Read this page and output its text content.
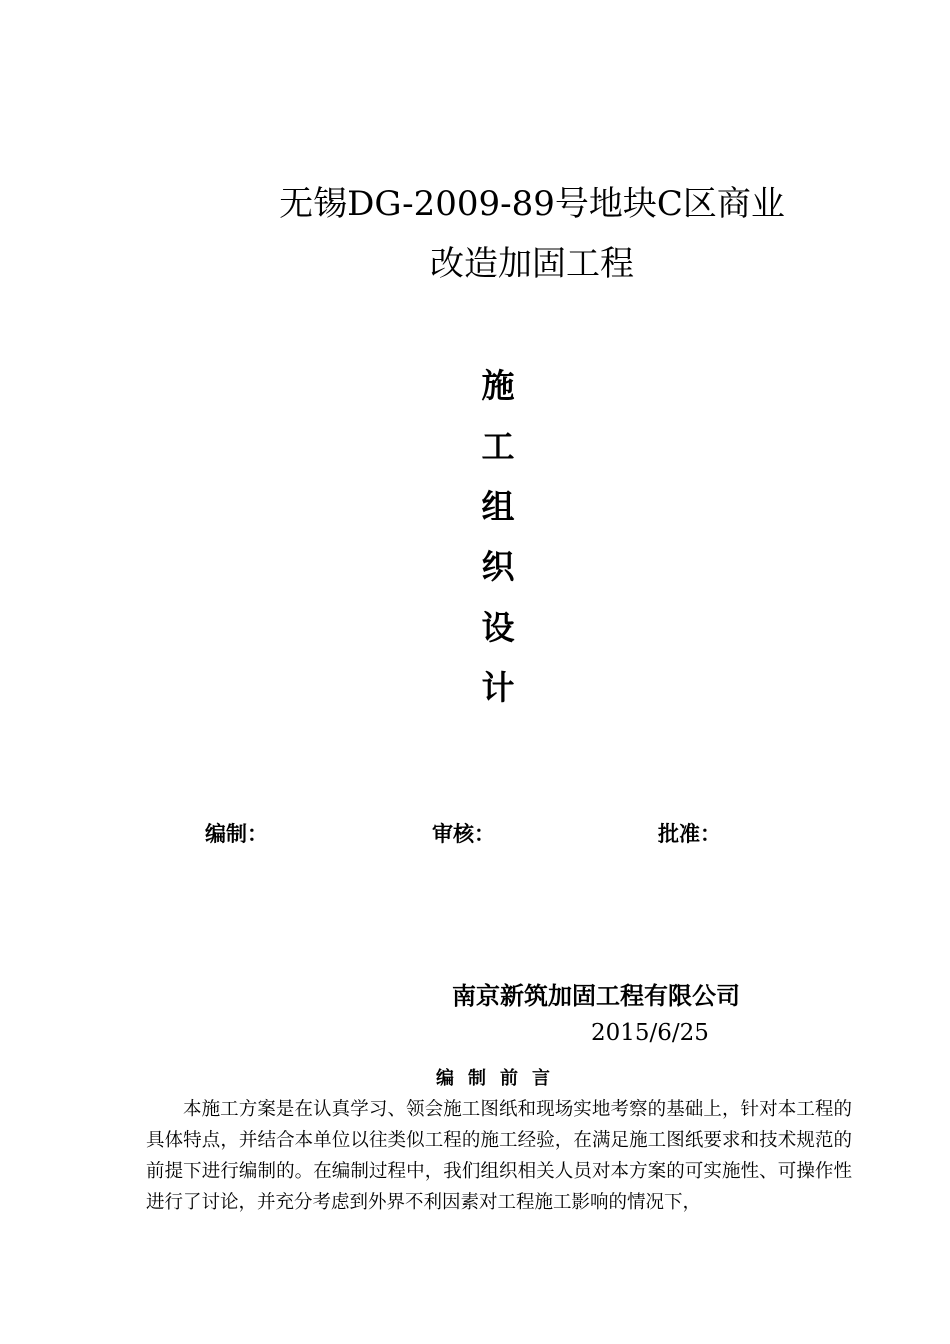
无锡DG-2009-89号地块C区商业
改造加固工程
施
工
组
织
设
计
编制：	审核：	批准：
南京新筑加固工程有限公司
2015/6/25
编制前言
本施工方案是在认真学习、领会施工图纸和现场实地考察的基础上，针对本工程的具体特点，并结合本单位以往类似工程的施工经验，在满足施工图纸要求和技术规范的前提下进行编制的。在编制过程中，我们组织相关人员对本方案的可实施性、可操作性进行了讨论，并充分考虑到外界不利因素对工程施工影响的情况下，
